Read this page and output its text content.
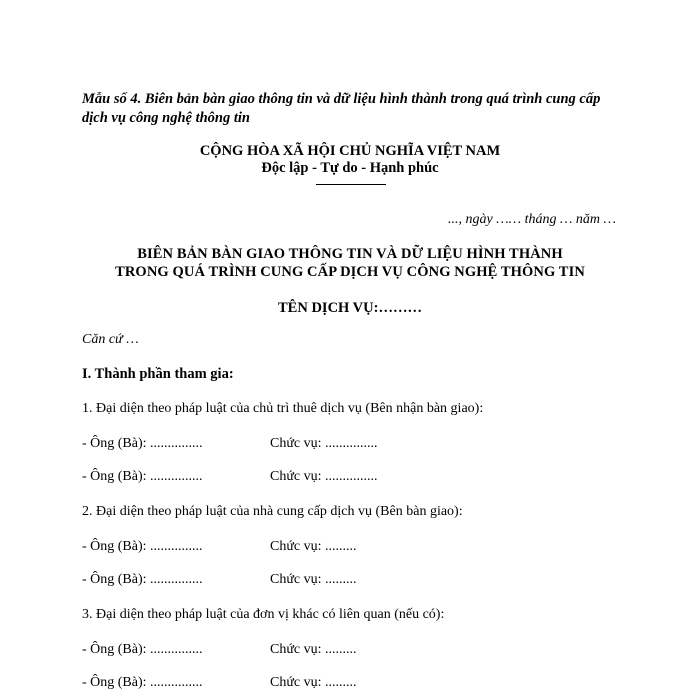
Mẫu số 4. Biên bản bàn giao thông tin và dữ liệu hình thành trong quá trình cung cấp
dịch vụ công nghệ thông tin
CỘNG HÒA XÃ HỘI CHỦ NGHĨA VIỆT NAM
Độc lập - Tự do - Hạnh phúc
..., ngày …… tháng … năm …
BIÊN BẢN BÀN GIAO THÔNG TIN VÀ DỮ LIỆU HÌNH THÀNH
TRONG QUÁ TRÌNH CUNG CẤP DỊCH VỤ CÔNG NGHỆ THÔNG TIN
TÊN DỊCH VỤ:………
Căn cứ …
I. Thành phần tham gia:
1. Đại diện theo pháp luật của chủ trì thuê dịch vụ (Bên nhận bàn giao):
- Ông (Bà): ...............	Chức vụ: ...............
- Ông (Bà): ...............	Chức vụ: ...............
2. Đại diện theo pháp luật của nhà cung cấp dịch vụ (Bên bàn giao):
- Ông (Bà): ...............	Chức vụ: .........
- Ông (Bà): ...............	Chức vụ: .........
3. Đại diện theo pháp luật của đơn vị khác có liên quan (nếu có):
- Ông (Bà): ...............	Chức vụ: .........
- Ông (Bà): ...............	Chức vụ: .........
